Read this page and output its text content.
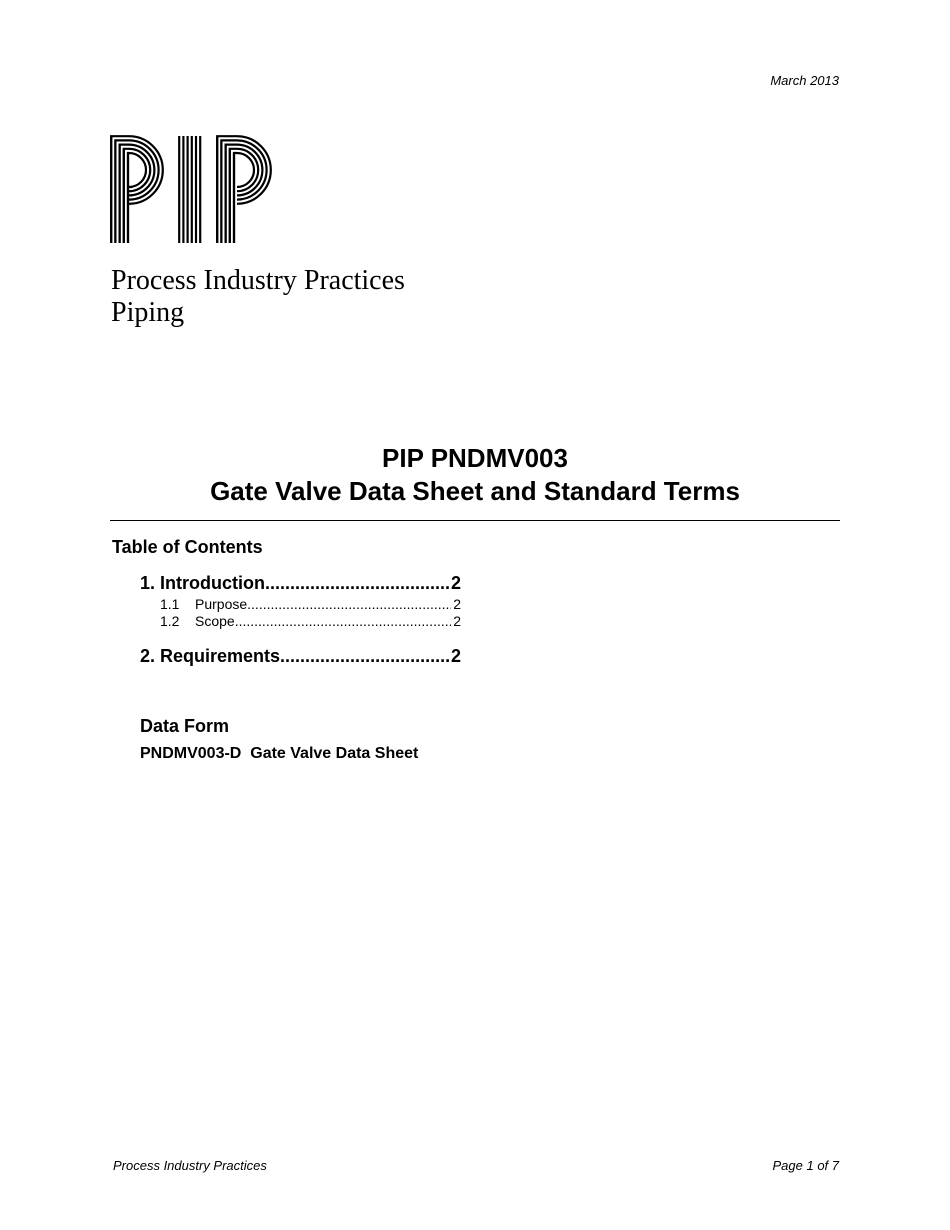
March 2013
Process Industry Practices
Piping
PIP PNDMV003
Gate Valve Data Sheet and Standard Terms
Table of Contents
1. Introduction .....	2
1.1	Purpose .....	2
1.2	Scope .....	2
2. Requirements .....	2
Data Form
PNDMV003-D  Gate Valve Data Sheet
Process Industry Practices	Page 1 of 7
